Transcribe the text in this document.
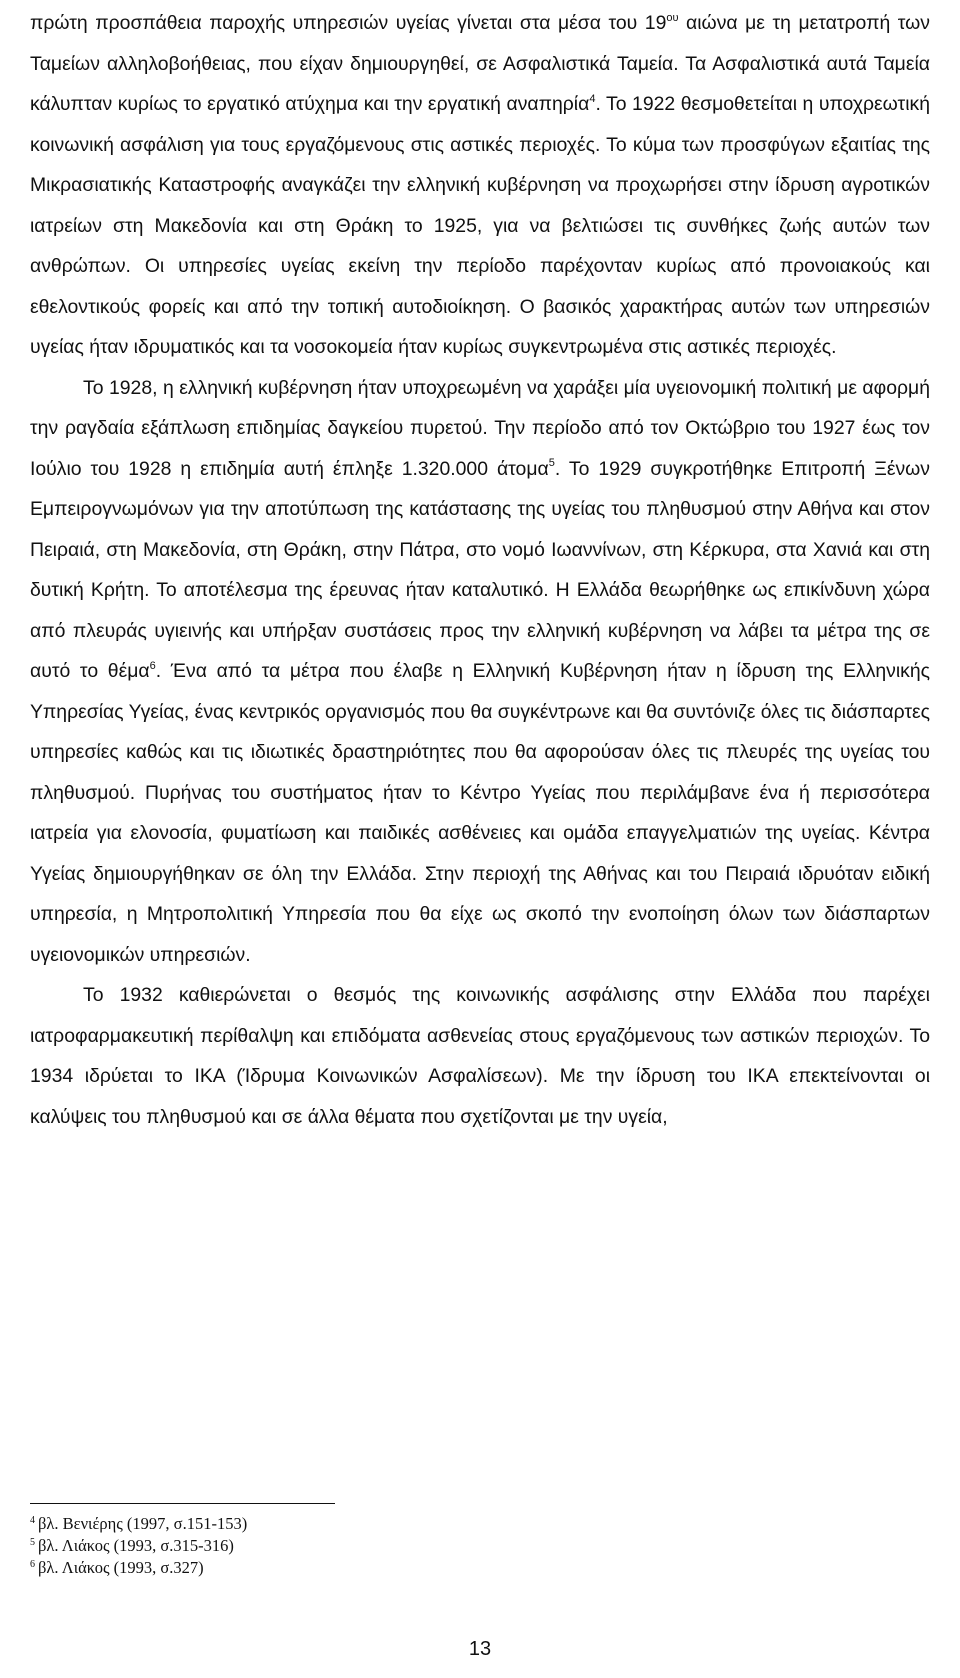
πρώτη προσπάθεια παροχής υπηρεσιών υγείας γίνεται στα μέσα του $19^{o\upsilon}$ αιώνα με τη μετατροπή των Ταμείων αλληλοβοήθειας, που είχαν δημιουργηθεί, σε Ασφαλιστικά Ταμεία. Τα Ασφαλιστικά αυτά Ταμεία κάλυπταν κυρίως το εργατικό ατύχημα και την εργατική αναπηρία$^4$. Το 1922 θεσμοθετείται η υποχρεωτική κοινωνική ασφάλιση για τους εργαζόμενους στις αστικές περιοχές. Το κύμα των προσφύγων εξαιτίας της Μικρασιατικής Καταστροφής αναγκάζει την ελληνική κυβέρνηση να προχωρήσει στην ίδρυση αγροτικών ιατρείων στη Μακεδονία και στη Θράκη το 1925, για να βελτιώσει τις συνθήκες ζωής αυτών των ανθρώπων. Οι υπηρεσίες υγείας εκείνη την περίοδο παρέχονταν κυρίως από προνοιακούς και εθελοντικούς φορείς και από την τοπική αυτοδιοίκηση. Ο βασικός χαρακτήρας αυτών των υπηρεσιών υγείας ήταν ιδρυματικός και τα νοσοκομεία ήταν κυρίως συγκεντρωμένα στις αστικές περιοχές.

Το 1928, η ελληνική κυβέρνηση ήταν υποχρεωμένη να χαράξει μία υγειονομική πολιτική με αφορμή την ραγδαία εξάπλωση επιδημίας δαγκείου πυρετού. Την περίοδο από τον Οκτώβριο του 1927 έως τον Ιούλιο του 1928 η επιδημία αυτή έπληξε 1.320.000 άτομα$^5$. Το 1929 συγκροτήθηκε Επιτροπή Ξένων Εμπειρογνωμόνων για την αποτύπωση της κατάστασης της υγείας του πληθυσμού στην Αθήνα και στον Πειραιά, στη Μακεδονία, στη Θράκη, στην Πάτρα, στο νομό Ιωαννίνων, στη Κέρκυρα, στα Χανιά και στη δυτική Κρήτη. Το αποτέλεσμα της έρευνας ήταν καταλυτικό. Η Ελλάδα θεωρήθηκε ως επικίνδυνη χώρα από πλευράς υγιεινής και υπήρξαν συστάσεις προς την ελληνική κυβέρνηση να λάβει τα μέτρα της σε αυτό το θέμα$^6$. Ένα από τα μέτρα που έλαβε η Ελληνική Κυβέρνηση ήταν η ίδρυση της Ελληνικής Υπηρεσίας Υγείας, ένας κεντρικός οργανισμός που θα συγκέντρωνε και θα συντόνιζε όλες τις διάσπαρτες υπηρεσίες καθώς και τις ιδιωτικές δραστηριότητες που θα αφορούσαν όλες τις πλευρές της υγείας του πληθυσμού. Πυρήνας του συστήματος ήταν το Κέντρο Υγείας που περιλάμβανε ένα ή περισσότερα ιατρεία για ελονοσία, φυματίωση και παιδικές ασθένειες και ομάδα επαγγελματιών της υγείας. Κέντρα Υγείας δημιουργήθηκαν σε όλη την Ελλάδα. Στην περιοχή της Αθήνας και του Πειραιά ιδρυόταν ειδική υπηρεσία, η Μητροπολιτική Υπηρεσία που θα είχε ως σκοπό την ενοποίηση όλων των διάσπαρτων υγειονομικών υπηρεσιών.

Το 1932 καθιερώνεται ο θεσμός της κοινωνικής ασφάλισης στην Ελλάδα που παρέχει ιατροφαρμακευτική περίθαλψη και επιδόματα ασθενείας στους εργαζόμενους των αστικών περιοχών. Το 1934 ιδρύεται το ΙΚΑ (Ίδρυμα Κοινωνικών Ασφαλίσεων). Με την ίδρυση του ΙΚΑ επεκτείνονται οι καλύψεις του πληθυσμού και σε άλλα θέματα που σχετίζονται με την υγεία,

$^4$ βλ. Βενιέρης (1997, σ.151-153)
$^5$ βλ. Λιάκος (1993, σ.315-316)
$^6$ βλ. Λιάκος (1993, σ.327)
13
